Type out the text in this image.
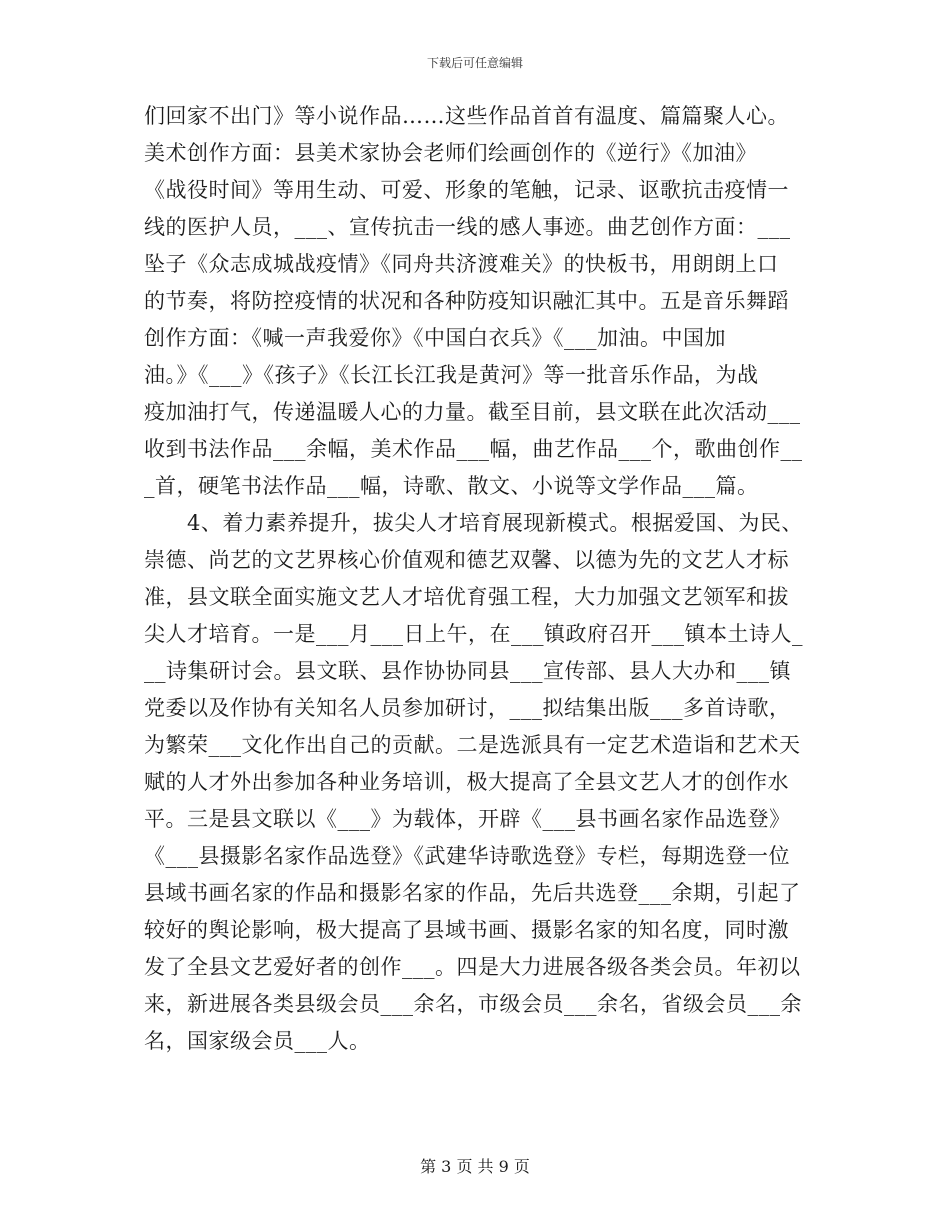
下载后可任意编辑
们回家不出门》等小说作品……这些作品首首有温度、篇篇聚人心。
美术创作方面：县美术家协会老师们绘画创作的《逆行》《加油》
《战役时间》等用生动、可爱、形象的笔触，记录、讴歌抗击疫情一
线的医护人员，___、宣传抗击一线的感人事迹。曲艺创作方面：___
坠子《众志成城战疫情》《同舟共济渡难关》的快板书，用朗朗上口
的节奏，将防控疫情的状况和各种防疫知识融汇其中。五是音乐舞蹈
创作方面：《喊一声我爱你》《中国白衣兵》《___加油。中国加
油。》《___》《孩子》《长江长江我是黄河》等一批音乐作品，为战
疫加油打气，传递温暖人心的力量。截至目前，县文联在此次活动___
收到书法作品___余幅，美术作品___幅，曲艺作品___个，歌曲创作__
_首，硬笔书法作品___幅，诗歌、散文、小说等文学作品___篇。
　　4、着力素养提升，拔尖人才培育展现新模式。根据爱国、为民、
崇德、尚艺的文艺界核心价值观和德艺双馨、以德为先的文艺人才标
准，县文联全面实施文艺人才培优育强工程，大力加强文艺领军和拔
尖人才培育。一是___月___日上午，在___镇政府召开___镇本土诗人_
__诗集研讨会。县文联、县作协协同县___宣传部、县人大办和___镇
党委以及作协有关知名人员参加研讨，___拟结集出版___多首诗歌，
为繁荣___文化作出自己的贡献。二是选派具有一定艺术造诣和艺术天
赋的人才外出参加各种业务培训，极大提高了全县文艺人才的创作水
平。三是县文联以《___》为载体，开辟《___县书画名家作品选登》
《___县摄影名家作品选登》《武建华诗歌选登》专栏，每期选登一位
县域书画名家的作品和摄影名家的作品，先后共选登___余期，引起了
较好的舆论影响，极大提高了县域书画、摄影名家的知名度，同时激
发了全县文艺爱好者的创作___。四是大力进展各级各类会员。年初以
来，新进展各类县级会员___余名，市级会员___余名，省级会员___余
名，国家级会员___人。
第 3 页 共 9 页
